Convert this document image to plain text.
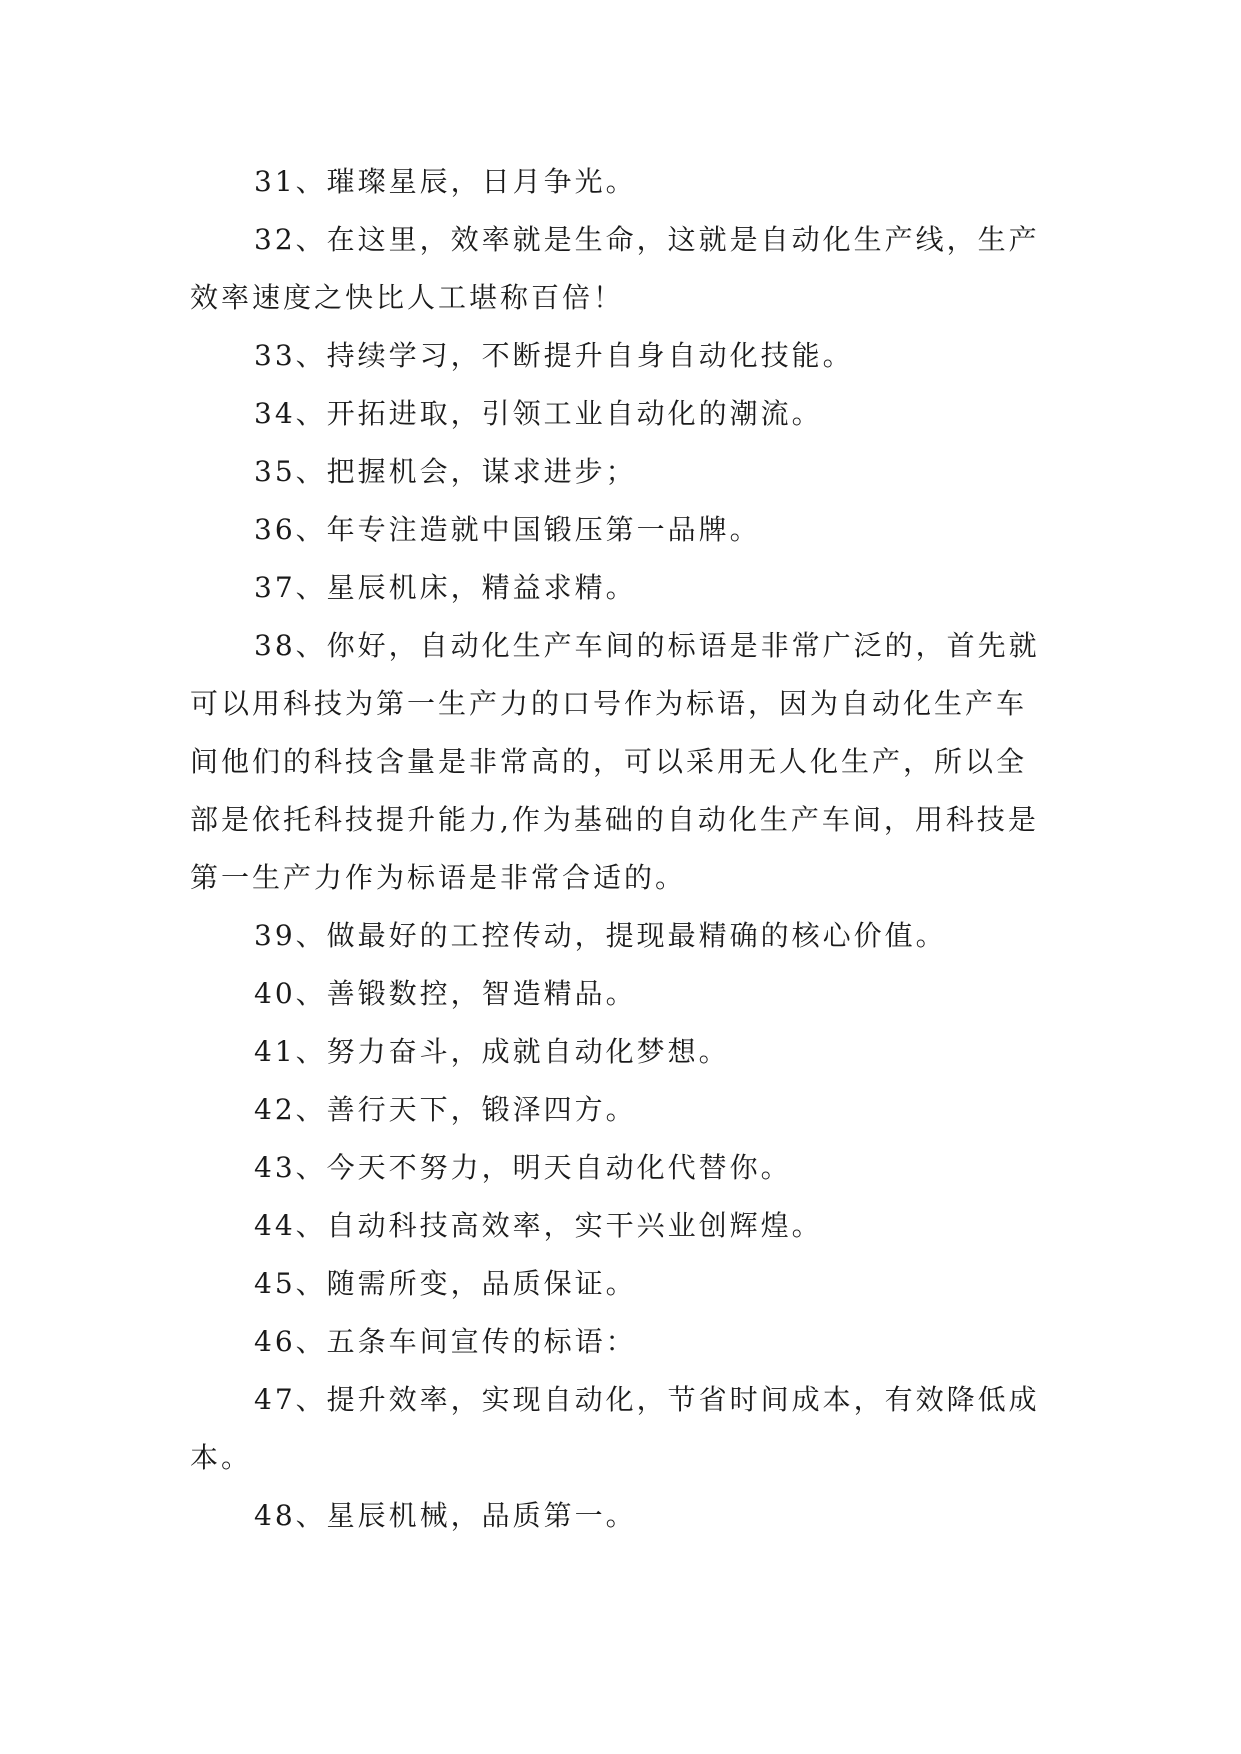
31、璀璨星辰，日月争光。

32、在这里，效率就是生命，这就是自动化生产线，生产效率速度之快比人工堪称百倍！

33、持续学习，不断提升自身自动化技能。

34、开拓进取，引领工业自动化的潮流。

35、把握机会，谋求进步；

36、年专注造就中国锻压第一品牌。

37、星辰机床，精益求精。

38、你好，自动化生产车间的标语是非常广泛的，首先就可以用科技为第一生产力的口号作为标语，因为自动化生产车间他们的科技含量是非常高的，可以采用无人化生产，所以全部是依托科技提升能力,作为基础的自动化生产车间，用科技是第一生产力作为标语是非常合适的。

39、做最好的工控传动，提现最精确的核心价值。

40、善锻数控，智造精品。

41、努力奋斗，成就自动化梦想。

42、善行天下，锻泽四方。

43、今天不努力，明天自动化代替你。

44、自动科技高效率，实干兴业创辉煌。

45、随需所变，品质保证。

46、五条车间宣传的标语：

47、提升效率，实现自动化，节省时间成本，有效降低成本。

48、星辰机械，品质第一。
